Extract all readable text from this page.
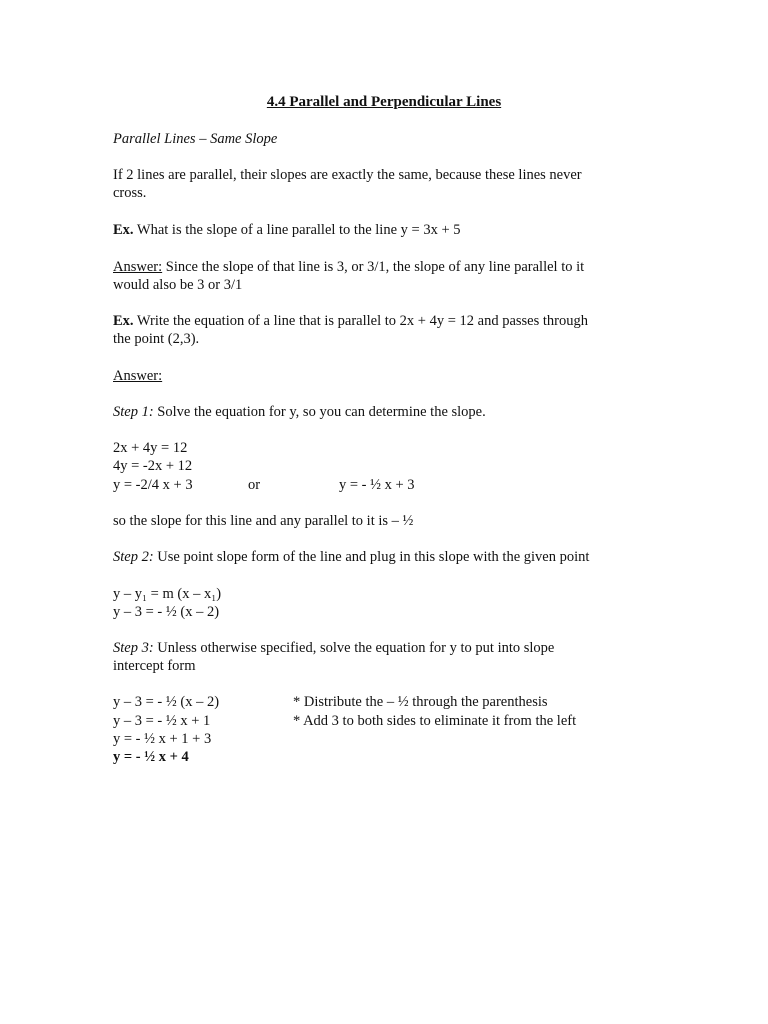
4.4 Parallel and Perpendicular Lines
Parallel Lines – Same Slope
If 2 lines are parallel, their slopes are exactly the same, because these lines never
cross.
Ex. What is the slope of a line parallel to the line y = 3x + 5
Answer: Since the slope of that line is 3, or 3/1, the slope of any line parallel to it
would also be 3 or 3/1
Ex. Write the equation of a line that is parallel to 2x + 4y = 12 and passes through
the point (2,3).
Answer:
Step 1: Solve the equation for y, so you can determine the slope.
2x + 4y = 12
4y = -2x + 12
y = -2/4 x + 3	or	y = - ½ x + 3
so the slope for this line and any parallel to it is – ½
Step 2: Use point slope form of the line and plug in this slope with the given point
y – y₁ = m (x – x₁)
y – 3 = - ½ (x – 2)
Step 3: Unless otherwise specified, solve the equation for y to put into slope
intercept form
y – 3 = - ½ (x – 2)	* Distribute the – ½ through the parenthesis
y – 3 = - ½ x + 1	* Add 3 to both sides to eliminate it from the left
y = - ½ x + 1 + 3
y = - ½ x + 4
